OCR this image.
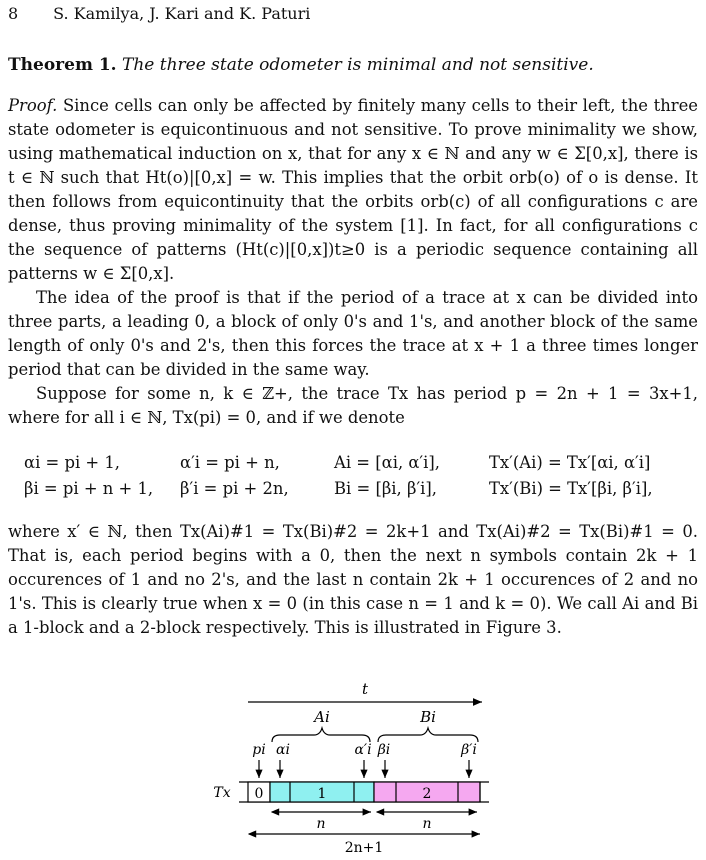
8 S. Kamilya, J. Kari and K. Paturi
Theorem 1. The three state odometer is minimal and not sensitive.

Proof. Since cells can only be affected by finitely many cells to their left, the three state odometer is equicontinuous and not sensitive. To prove minimality we show, using mathematical induction on x, that for any x ∈ ℕ and any w ∈ Σ[0,x], there is t ∈ ℕ such that Ht(o)|[0,x] = w. This implies that the orbit orb(o) of o is dense. It then follows from equicontinuity that the orbits orb(c) of all configurations c are dense, thus proving minimality of the system [1]. In fact, for all configurations c the sequence of patterns (Ht(c)|[0,x])t≥0 is a periodic sequence containing all patterns w ∈ Σ[0,x].

The idea of the proof is that if the period of a trace at x can be divided into three parts, a leading 0, a block of only 0's and 1's, and another block of the same length of only 0's and 2's, then this forces the trace at x + 1 a three times longer period that can be divided in the same way.

Suppose for some n, k ∈ ℤ+, the trace Tx has period p = 2n + 1 = 3x+1, where for all i ∈ ℕ, Tx(pi) = 0, and if we denote

αi = pi + 1,	α′i = pi + n,	Ai = [αi, α′i],	Tx′(Ai) = Tx′[αi, α′i]
βi = pi + n + 1,	β′i = pi + 2n,	Bi = [βi, β′i],	Tx′(Bi) = Tx′[βi, β′i],

where x′ ∈ ℕ, then Tx(Ai)#1 = Tx(Bi)#2 = 2k+1 and Tx(Ai)#2 = Tx(Bi)#1 = 0. That is, each period begins with a 0, then the next n symbols contain 2k + 1 occurences of 1 and no 2's, and the last n contain 2k + 1 occurences of 2 and no 1's. This is clearly true when x = 0 (in this case n = 1 and k = 0). We call Ai and Bi a 1-block and a 2-block respectively. This is illustrated in Figure 3.

t
Ai	Bi
pi αi	α′i βi	β′i
Tx 0	1	2
n	n
2n+1
